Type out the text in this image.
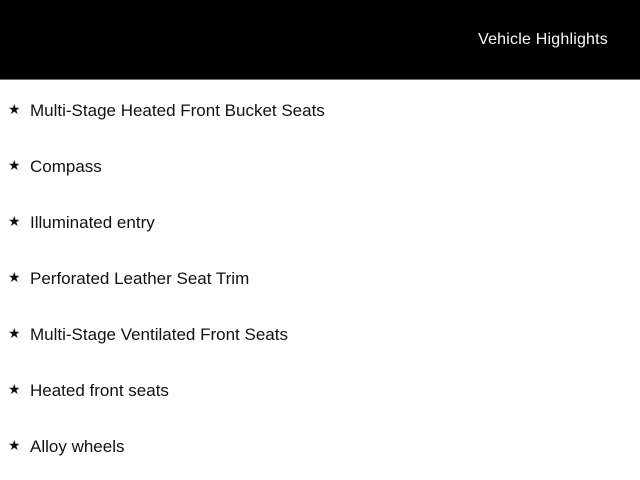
Vehicle Highlights
★ Multi-Stage Heated Front Bucket Seats
★ Compass
★ Illuminated entry
★ Perforated Leather Seat Trim
★ Multi-Stage Ventilated Front Seats
★ Heated front seats
★ Alloy wheels
